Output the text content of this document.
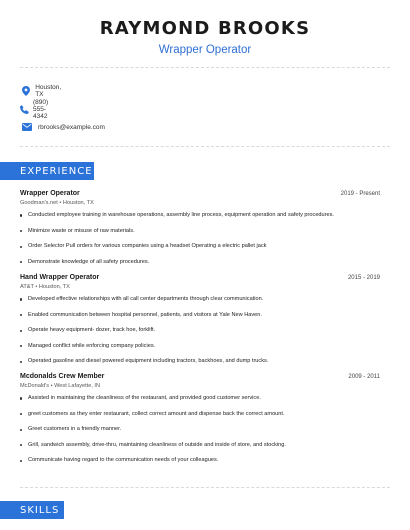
RAYMOND BROOKS
Wrapper Operator
Houston, TX
(890) 555-4342
rbrooks@example.com
EXPERIENCE
Wrapper Operator	2019 - Present
Goodman's.net • Houston, TX
Conducted employee training in warehouse operations, assembly line process, equipment operation and safety procedures.
Minimize waste or misuse of raw materials.
Order Selector Pull orders for various companies using a headset Operating a electric pallet jack
Demonstrate knowledge of all safety procedures.
Hand Wrapper Operator	2015 - 2019
AT&T • Houston, TX
Developed effective relationships with all call center departments through clear communication.
Enabled communication between hospital personnel, patients, and visitors at Yale New Haven.
Operate heavy equipment- dozer, track hoe, forklift.
Managed conflict while enforcing company policies.
Operated gasoline and diesel powered equipment including tractors, backhoes, and dump trucks.
Mcdonalds Crew Member	2009 - 2011
McDonald's • West Lafayette, IN
Assisted in maintaining the cleanliness of the restaurant, and provided good customer service.
greet customers as they enter restaurant, collect correct amount and dispense back the correct amount.
Greet customers in a friendly manner.
Grill, sandwich assembly, drive-thru, maintaining cleanliness of outside and inside of store, and stocking.
Communicate having regard to the communication needs of your colleagues.
SKILLS
